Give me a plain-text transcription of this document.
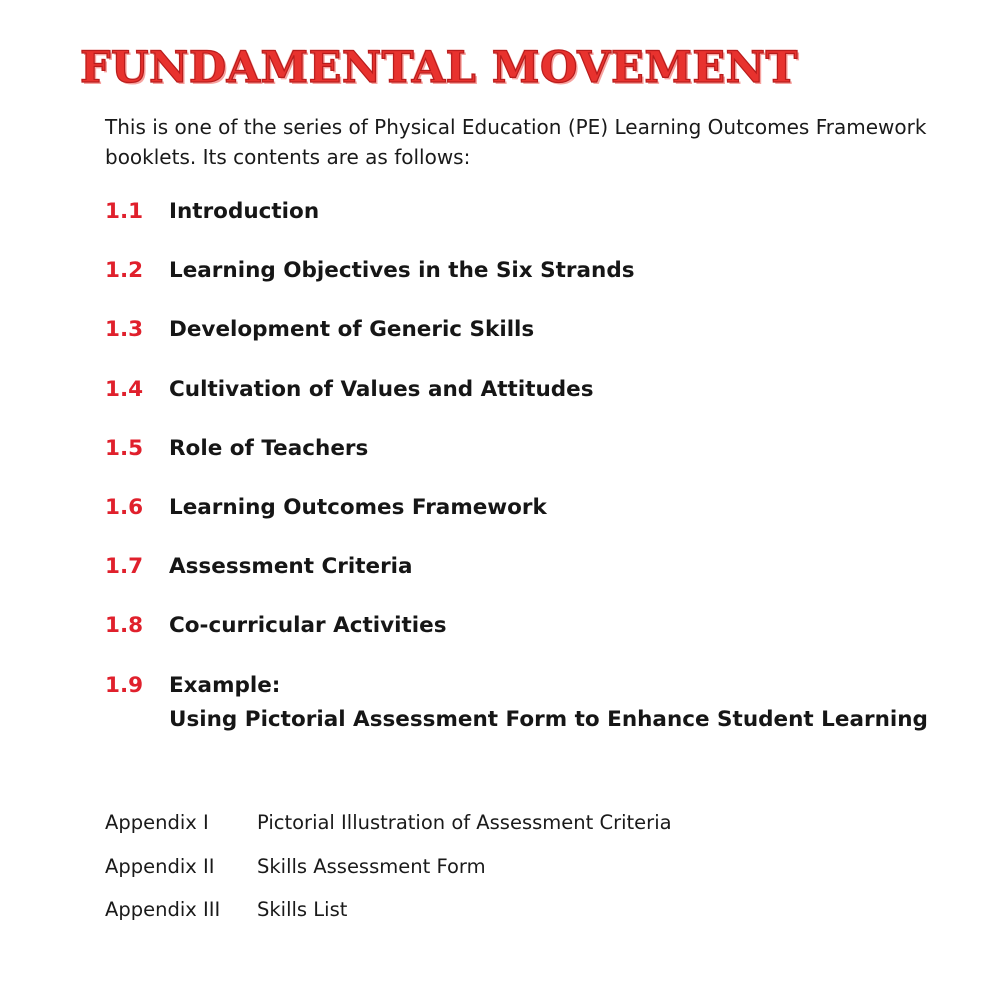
FUNDAMENTAL MOVEMENT

This is one of the series of Physical Education (PE) Learning Outcomes Framework booklets. Its contents are as follows:

1.1	Introduction
1.2	Learning Objectives in the Six Strands
1.3	Development of Generic Skills
1.4	Cultivation of Values and Attitudes
1.5	Role of Teachers
1.6	Learning Outcomes Framework
1.7	Assessment Criteria
1.8	Co-curricular Activities
1.9	Example:
Using Pictorial Assessment Form to Enhance Student Learning
Appendix I Pictorial Illustration of Assessment Criteria
Appendix II Skills Assessment Form
Appendix III Skills List
